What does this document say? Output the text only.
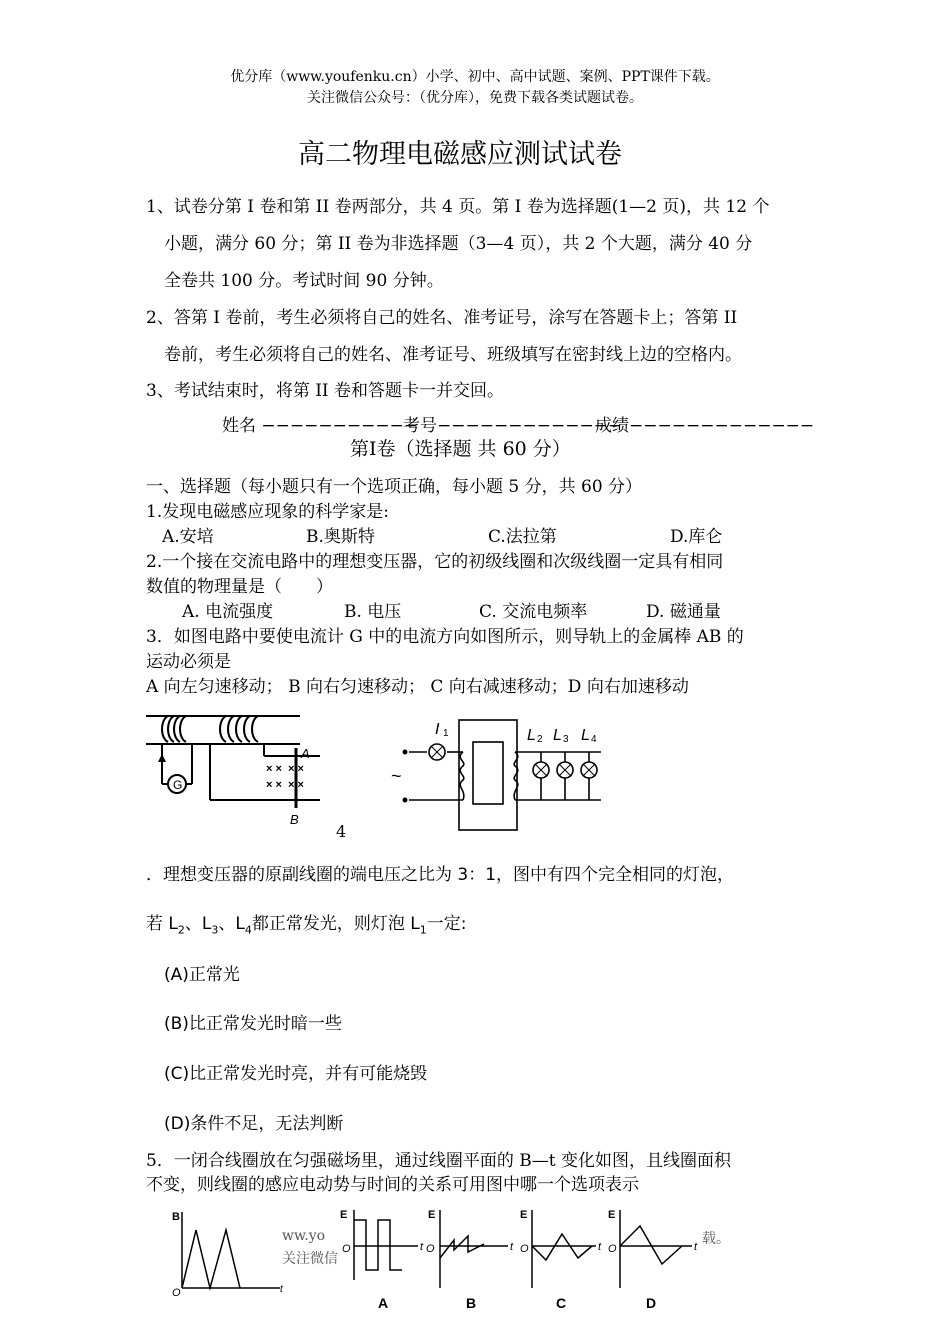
优分库（www.youfenku.cn）小学、初中、高中试题、案例、PPT课件下载。
关注微信公众号：（优分库），免费下载各类试题试卷。
高二物理电磁感应测试试卷
1、试卷分第 I 卷和第 II 卷两部分，共 4 页。第 I 卷为选择题(1—2 页)，共 12 个
小题，满分 60 分；第 II 卷为非选择题（3—4 页），共 2 个大题，满分 40 分
全卷共 100 分。考试时间 90 分钟。
2、答第 I 卷前，考生必须将自己的姓名、准考证号，涂写在答题卡上；答第 II
卷前，考生必须将自己的姓名、准考证号、班级填写在密封线上边的空格内。
3、考试结束时，将第 II 卷和答题卡一并交回。
姓名 −−−−−−−−−−−
考号−−−−−−−−−−−−−
成绩−−−−−−−−−−−−−
第Ⅰ卷（选择题 共 60 分）
一、选择题（每小题只有一个选项正确，每小题 5 分，共 60 分）
1.发现电磁感应现象的科学家是:
A.安培	B.奥斯特	C.法拉第	D.库仑
2.一个接在交流电路中的理想变压器，它的初级线圈和次级线圈一定具有相同
数值的物理量是（　　）
A. 电流强度	B. 电压	C. 交流电频率	D. 磁通量
3．如图电路中要使电流计 G 中的电流方向如图所示，则导轨上的金属棒 AB 的
运动必须是
A 向左匀速移动； B 向右匀速移动； C 向右减速移动；D 向右加速移动
G
× × × ×
× × × ×
A
B
~
I	L L L
1
2 3 4
4
．理想变压器的原副线圈的端电压之比为 3：1，图中有四个完全相同的灯泡，
若 $L_2$、$L_3$、$L_4$都正常发光，则灯泡 $L_1$一定:
(A)正常光
(B)比正常发光时暗一些
(C)比正常发光时亮，并有可能烧毁
(D)条件不足，无法判断
5．一闭合线圈放在匀强磁场里，通过线圈平面的 B—t 变化如图，且线圈面积
不变，则线圈的感应电动势与时间的关系可用图中哪一个选项表示
B
O	t
ww.yo
关注微信
载。
E	E	E	E
O	O	O	O
t	t	t	t
A	B	C	D
